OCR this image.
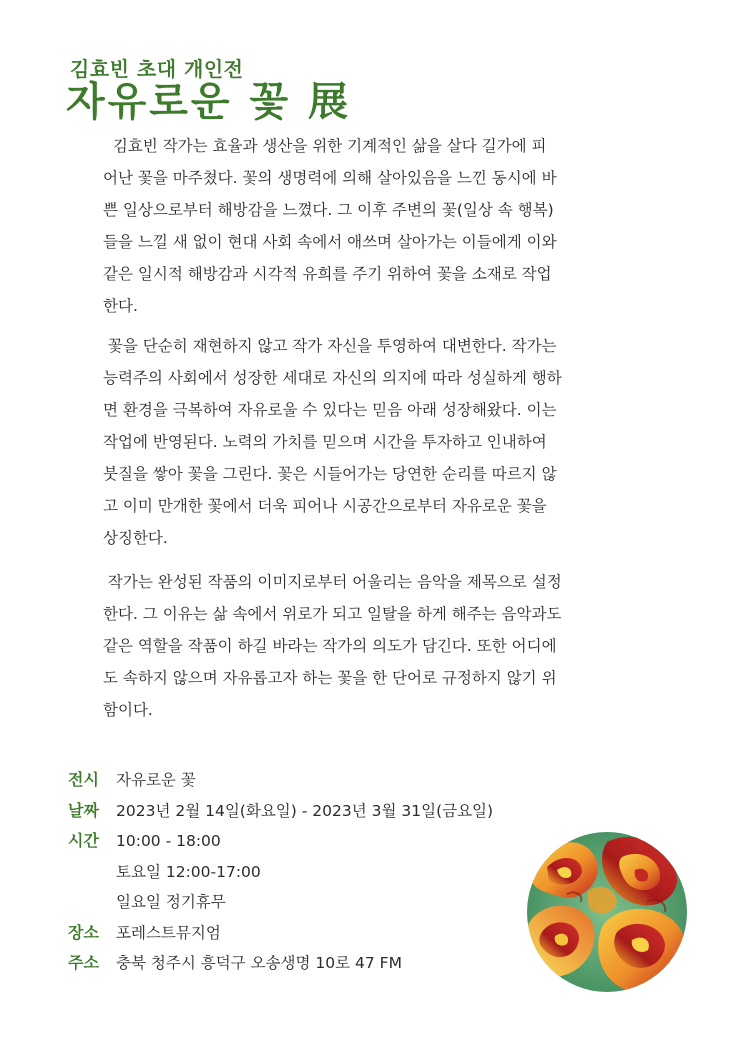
김효빈 초대 개인전
자유로운 꽃 展
김효빈 작가는 효율과 생산을 위한 기계적인 삶을 살다 길가에 피
어난 꽃을 마주쳤다. 꽃의 생명력에 의해 살아있음을 느낀 동시에 바
쁜 일상으로부터 해방감을 느꼈다. 그 이후 주변의 꽃(일상 속 행복)
들을 느낄 새 없이 현대 사회 속에서 애쓰며 살아가는 이들에게 이와
같은 일시적 해방감과 시각적 유희를 주기 위하여 꽃을 소재로 작업
한다.
꽃을 단순히 재현하지 않고 작가 자신을 투영하여 대변한다. 작가는
능력주의 사회에서 성장한 세대로 자신의 의지에 따라 성실하게 행하
면 환경을 극복하여 자유로울 수 있다는 믿음 아래 성장해왔다. 이는
작업에 반영된다. 노력의 가치를 믿으며 시간을 투자하고 인내하여
붓질을 쌓아 꽃을 그린다. 꽃은 시들어가는 당연한 순리를 따르지 않
고 이미 만개한 꽃에서 더욱 피어나 시공간으로부터 자유로운 꽃을
상징한다.
작가는 완성된 작품의 이미지로부터 어울리는 음악을 제목으로 설정
한다. 그 이유는 삶 속에서 위로가 되고 일탈을 하게 해주는 음악과도
같은 역할을 작품이 하길 바라는 작가의 의도가 담긴다. 또한 어디에
도 속하지 않으며 자유롭고자 하는 꽃을 한 단어로 규정하지 않기 위
함이다.
전시	자유로운 꽃
날짜	2023년 2월 14일(화요일) - 2023년 3월 31일(금요일)
시간	10:00 - 18:00
토요일 12:00-17:00
일요일 정기휴무
장소	포레스트뮤지엄
주소	충북 청주시 흥덕구 오송생명 10로 47 FM
